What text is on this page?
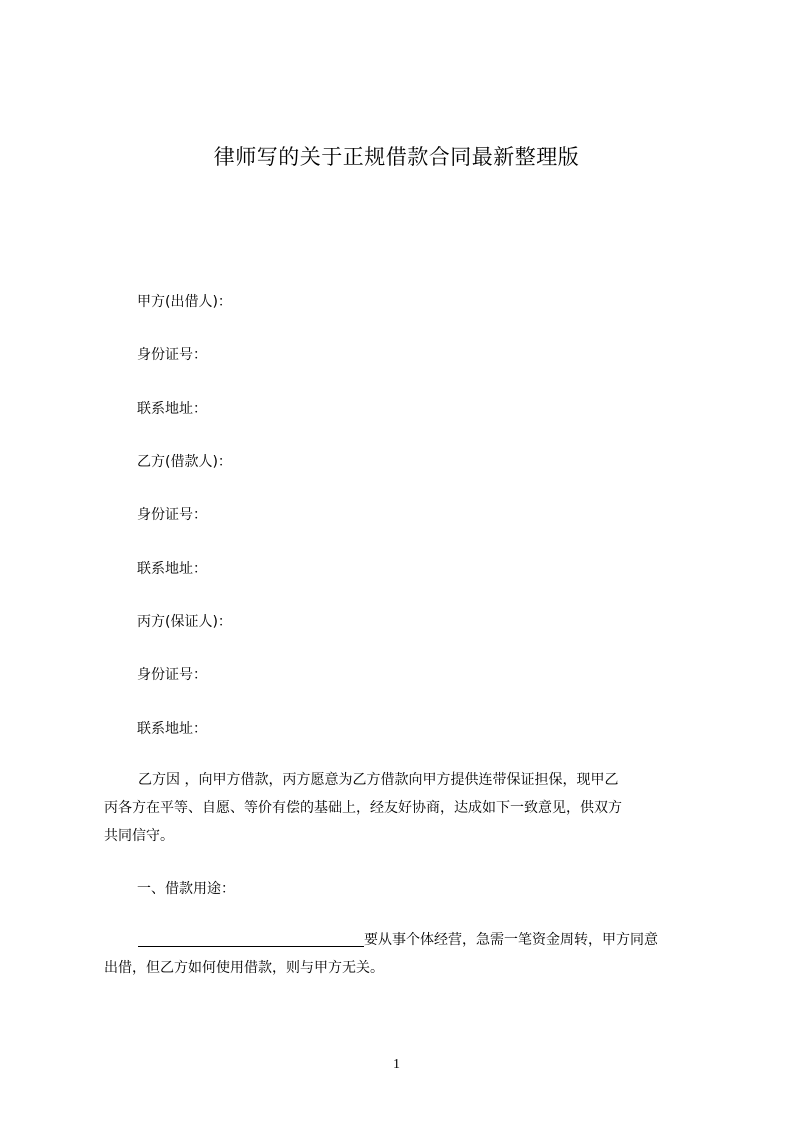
律师写的关于正规借款合同最新整理版
甲方(出借人)：
身份证号：
联系地址：
乙方(借款人)：
身份证号：
联系地址：
丙方(保证人)：
身份证号：
联系地址：
乙方因 ，向甲方借款，丙方愿意为乙方借款向甲方提供连带保证担保，现甲乙
丙各方在平等、自愿、等价有偿的基础上，经友好协商，达成如下一致意见，供双方
共同信守。
一、借款用途：
要从事个体经营，急需一笔资金周转，甲方同意
出借，但乙方如何使用借款，则与甲方无关。
1
